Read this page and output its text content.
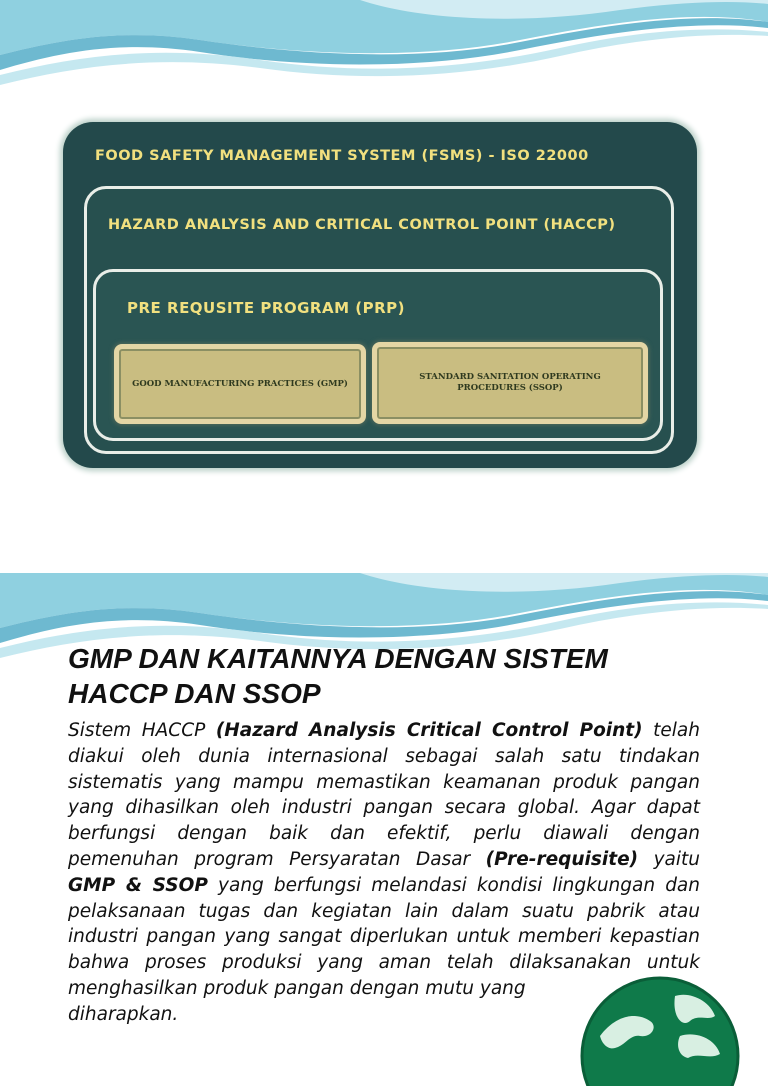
FOOD SAFETY MANAGEMENT SYSTEM (FSMS) - ISO 22000
HAZARD ANALYSIS AND CRITICAL CONTROL POINT (HACCP)
PRE REQUSITE PROGRAM (PRP)
GOOD MANUFACTURING PRACTICES (GMP)
STANDARD SANITATION OPERATING PROCEDURES (SSOP)
GMP DAN KAITANNYA DENGAN SISTEM HACCP DAN SSOP

Sistem HACCP (Hazard Analysis Critical Control Point) telah diakui oleh dunia internasional sebagai salah satu tindakan sistematis yang mampu memastikan keamanan produk pangan yang dihasilkan oleh industri pangan secara global. Agar dapat berfungsi dengan baik dan efektif, perlu diawali dengan pemenuhan program Persyaratan Dasar (Pre-requisite) yaitu GMP & SSOP yang berfungsi melandasi kondisi lingkungan dan pelaksanaan tugas dan kegiatan lain dalam suatu pabrik atau industri pangan yang sangat diperlukan untuk memberi kepastian bahwa proses produksi yang aman telah dilaksanakan untuk menghasilkan produk pangan dengan mutu yang
diharapkan.
